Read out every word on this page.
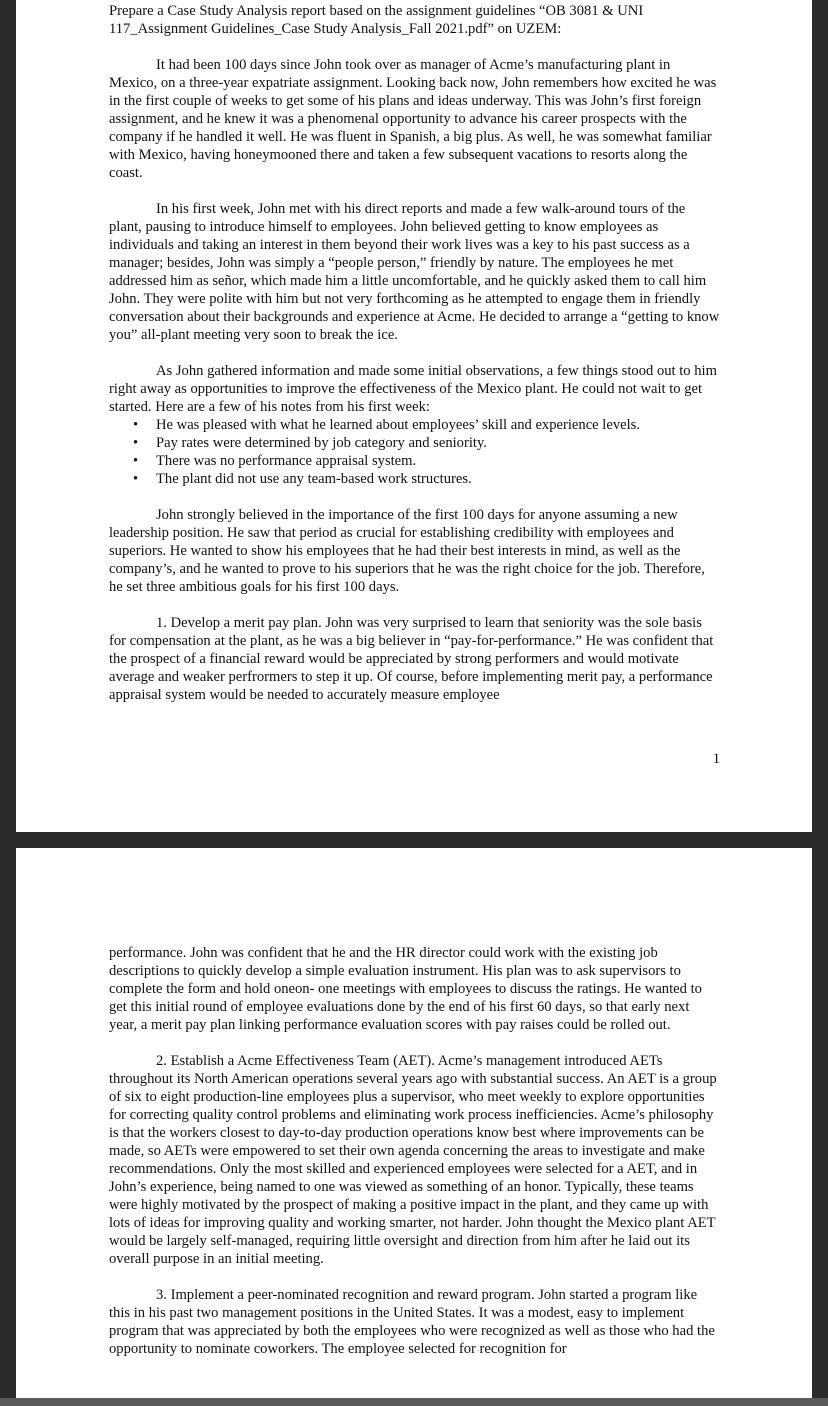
Prepare a Case Study Analysis report based on the assignment guidelines “OB 3081 & UNI 117_Assignment Guidelines_Case Study Analysis_Fall 2021.pdf” on UZEM:

It had been 100 days since John took over as manager of Acme’s manufacturing plant in Mexico, on a three-year expatriate assignment. Looking back now, John remembers how excited he was in the first couple of weeks to get some of his plans and ideas underway. This was John’s first foreign assignment, and he knew it was a phenomenal opportunity to advance his career prospects with the company if he handled it well. He was fluent in Spanish, a big plus. As well, he was somewhat familiar with Mexico, having honeymooned there and taken a few subsequent vacations to resorts along the coast.

In his first week, John met with his direct reports and made a few walk-around tours of the plant, pausing to introduce himself to employees. John believed getting to know employees as individuals and taking an interest in them beyond their work lives was a key to his past success as a manager; besides, John was simply a “people person,” friendly by nature. The employees he met addressed him as señor, which made him a little uncomfortable, and he quickly asked them to call him John. They were polite with him but not very forthcoming as he attempted to engage them in friendly conversation about their backgrounds and experience at Acme. He decided to arrange a “getting to know you” all-plant meeting very soon to break the ice.

As John gathered information and made some initial observations, a few things stood out to him right away as opportunities to improve the effectiveness of the Mexico plant. He could not wait to get started. Here are a few of his notes from his first week:

• He was pleased with what he learned about employees’ skill and experience levels.
• Pay rates were determined by job category and seniority.
• There was no performance appraisal system.
• The plant did not use any team-based work structures.

John strongly believed in the importance of the first 100 days for anyone assuming a new leadership position. He saw that period as crucial for establishing credibility with employees and superiors. He wanted to show his employees that he had their best interests in mind, as well as the company’s, and he wanted to prove to his superiors that he was the right choice for the job. Therefore, he set three ambitious goals for his first 100 days.

1. Develop a merit pay plan. John was very surprised to learn that seniority was the sole basis for compensation at the plant, as he was a big believer in “pay-for-performance.” He was confident that the prospect of a financial reward would be appreciated by strong performers and would motivate average and weaker perfrormers to step it up. Of course, before implementing merit pay, a performance appraisal system would be needed to accurately measure employee

1

performance. John was confident that he and the HR director could work with the existing job descriptions to quickly develop a simple evaluation instrument. His plan was to ask supervisors to complete the form and hold oneon- one meetings with employees to discuss the ratings. He wanted to get this initial round of employee evaluations done by the end of his first 60 days, so that early next year, a merit pay plan linking performance evaluation scores with pay raises could be rolled out.

2. Establish a Acme Effectiveness Team (AET). Acme’s management introduced AETs throughout its North American operations several years ago with substantial success. An AET is a group of six to eight production-line employees plus a supervisor, who meet weekly to explore opportunities for correcting quality control problems and eliminating work process inefficiencies. Acme’s philosophy is that the workers closest to day-to-day production operations know best where improvements can be made, so AETs were empowered to set their own agenda concerning the areas to investigate and make recommendations. Only the most skilled and experienced employees were selected for a AET, and in John’s experience, being named to one was viewed as something of an honor. Typically, these teams were highly motivated by the prospect of making a positive impact in the plant, and they came up with lots of ideas for improving quality and working smarter, not harder. John thought the Mexico plant AET would be largely self-managed, requiring little oversight and direction from him after he laid out its overall purpose in an initial meeting.

3. Implement a peer-nominated recognition and reward program. John started a program like this in his past two management positions in the United States. It was a modest, easy to implement program that was appreciated by both the employees who were recognized as well as those who had the opportunity to nominate coworkers. The employee selected for recognition for
